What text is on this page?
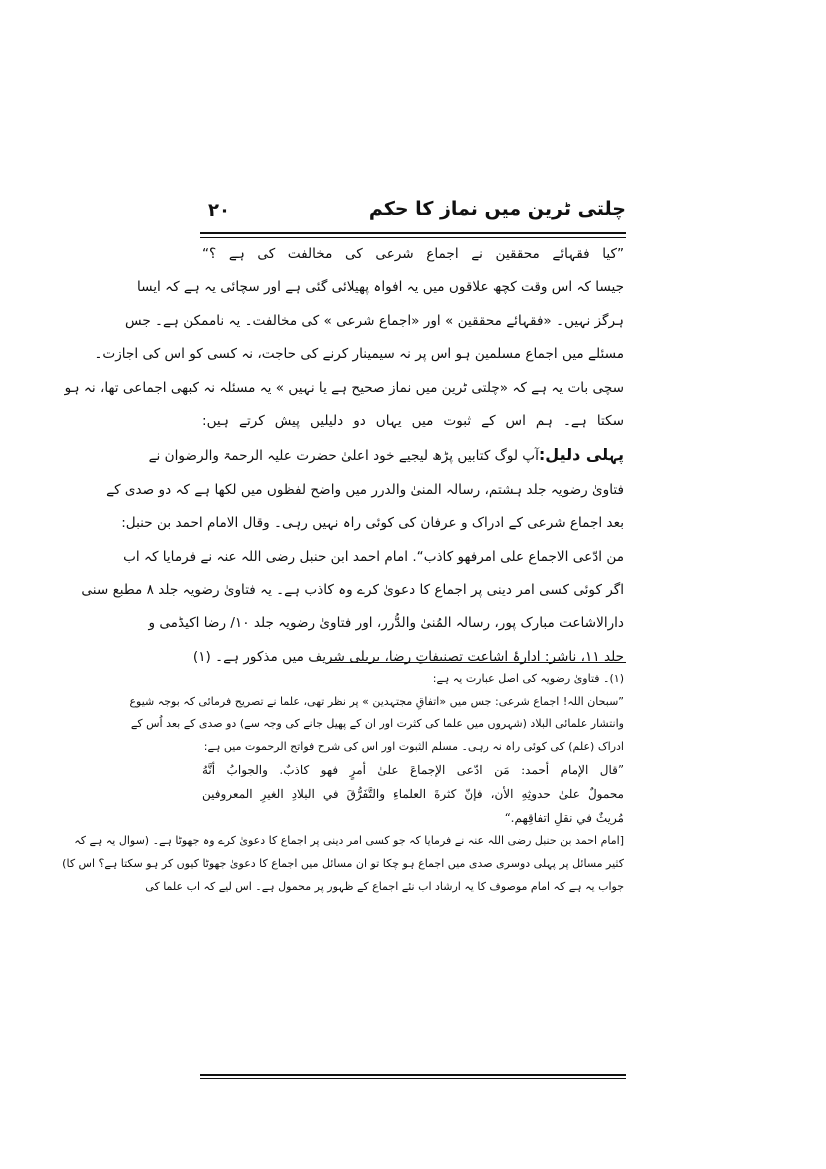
چلتی ٹرین میں نماز کا حکم
۲۰
”کیا فقہائے محققین نے اجماع شرعی کی مخالفت کی ہے ؟“
جیسا کہ اس وقت کچھ علاقوں میں یہ افواہ پھیلائی گئی ہے اور سچائی یہ ہے کہ ایسا
ہرگز نہیں۔ «فقہائے محققین » اور «اجماع شرعی » کی مخالفت۔ یہ ناممکن ہے۔ جس
مسئلے میں اجماع مسلمین ہو اس پر نہ سیمینار کرنے کی حاجت، نہ کسی کو اس کی اجازت۔
سچی بات یہ ہے کہ «چلتی ٹرین میں نماز صحیح ہے یا نہیں » یہ مسئلہ نہ کبھی اجماعی تھا، نہ ہو
سکتا ہے۔ ہم اس کے ثبوت میں یہاں دو دلیلیں پیش کرتے ہیں:
پہلی دلیل:آپ لوگ کتابیں پڑھ لیجیے خود اعلیٰ حضرت علیہ الرحمۃ والرضوان نے
فتاویٰ رضویہ جلد ہشتم، رسالہ المنیٰ والدرر میں واضح لفظوں میں لکھا ہے کہ دو صدی کے
بعد اجماع شرعی کے ادراک و عرفان کی کوئی راہ نہیں رہی۔ وقال الامام احمد بن حنبل:
من ادّعی الاجماع علی امرفھو کاذب“. امام احمد ابن حنبل رضی اللہ عنہ نے فرمایا کہ اب
اگر کوئی کسی امر دینی پر اجماع کا دعویٰ کرے وہ کاذب ہے۔ یہ فتاویٰ رضویہ جلد ۸ مطبع سنی
دارالاشاعت مبارک پور، رسالہ المُنیٰ والدُّرر، اور فتاویٰ رضویہ جلد ۱۰/ رضا اکیڈمی و
جلد ۱۱، ناشر: ادارۂ اشاعت تصنیفاتِ رضا، بریلی شریف میں مذکور ہے۔ (۱)
(۱)۔ فتاویٰ رضویہ کی اصل عبارت یہ ہے:
”سبحان اللہ! اجماع شرعی: جس میں «اتفاقِ مجتہدین » پر نظر تھی، علما نے تصریح فرمائی کہ بوجہ شیوع
وانتشار علمائی البلاد (شہروں میں علما کی کثرت اور ان کے پھیل جانے کی وجہ سے) دو صدی کے بعد اُس کے
ادراک (علم) کی کوئی راہ نہ رہی۔ مسلم الثبوت اور اس کی شرح فواتح الرحموت میں ہے:
”قال الإمام أحمد: مَن ادّعی الإجماعَ علیٰ أمرٍ فهو كاذبٌ. والجوابُ أنَّهُ
محمولٌ علیٰ حدوثِهِ الأن، فإنّ كثرةَ العلماءِ والتَّفَرُّقَ في البلادِ الغيرِ المعروفين
مُريثٌ في نقلِ اتفاقِهم.“
[امام احمد بن حنبل رضی اللہ عنہ نے فرمایا کہ جو کسی امر دینی پر اجماع کا دعویٰ کرے وہ جھوٹا ہے۔ (سوال یہ ہے کہ
کثیر مسائل پر پہلی دوسری صدی میں اجماع ہو چکا تو ان مسائل میں اجماع کا دعویٰ جھوٹا کیوں کر ہو سکتا ہے؟ اس کا)
جواب یہ ہے کہ امام موصوف کا یہ ارشاد اب نئے اجماع کے ظہور پر محمول ہے۔ اس لیے کہ اب علما کی
